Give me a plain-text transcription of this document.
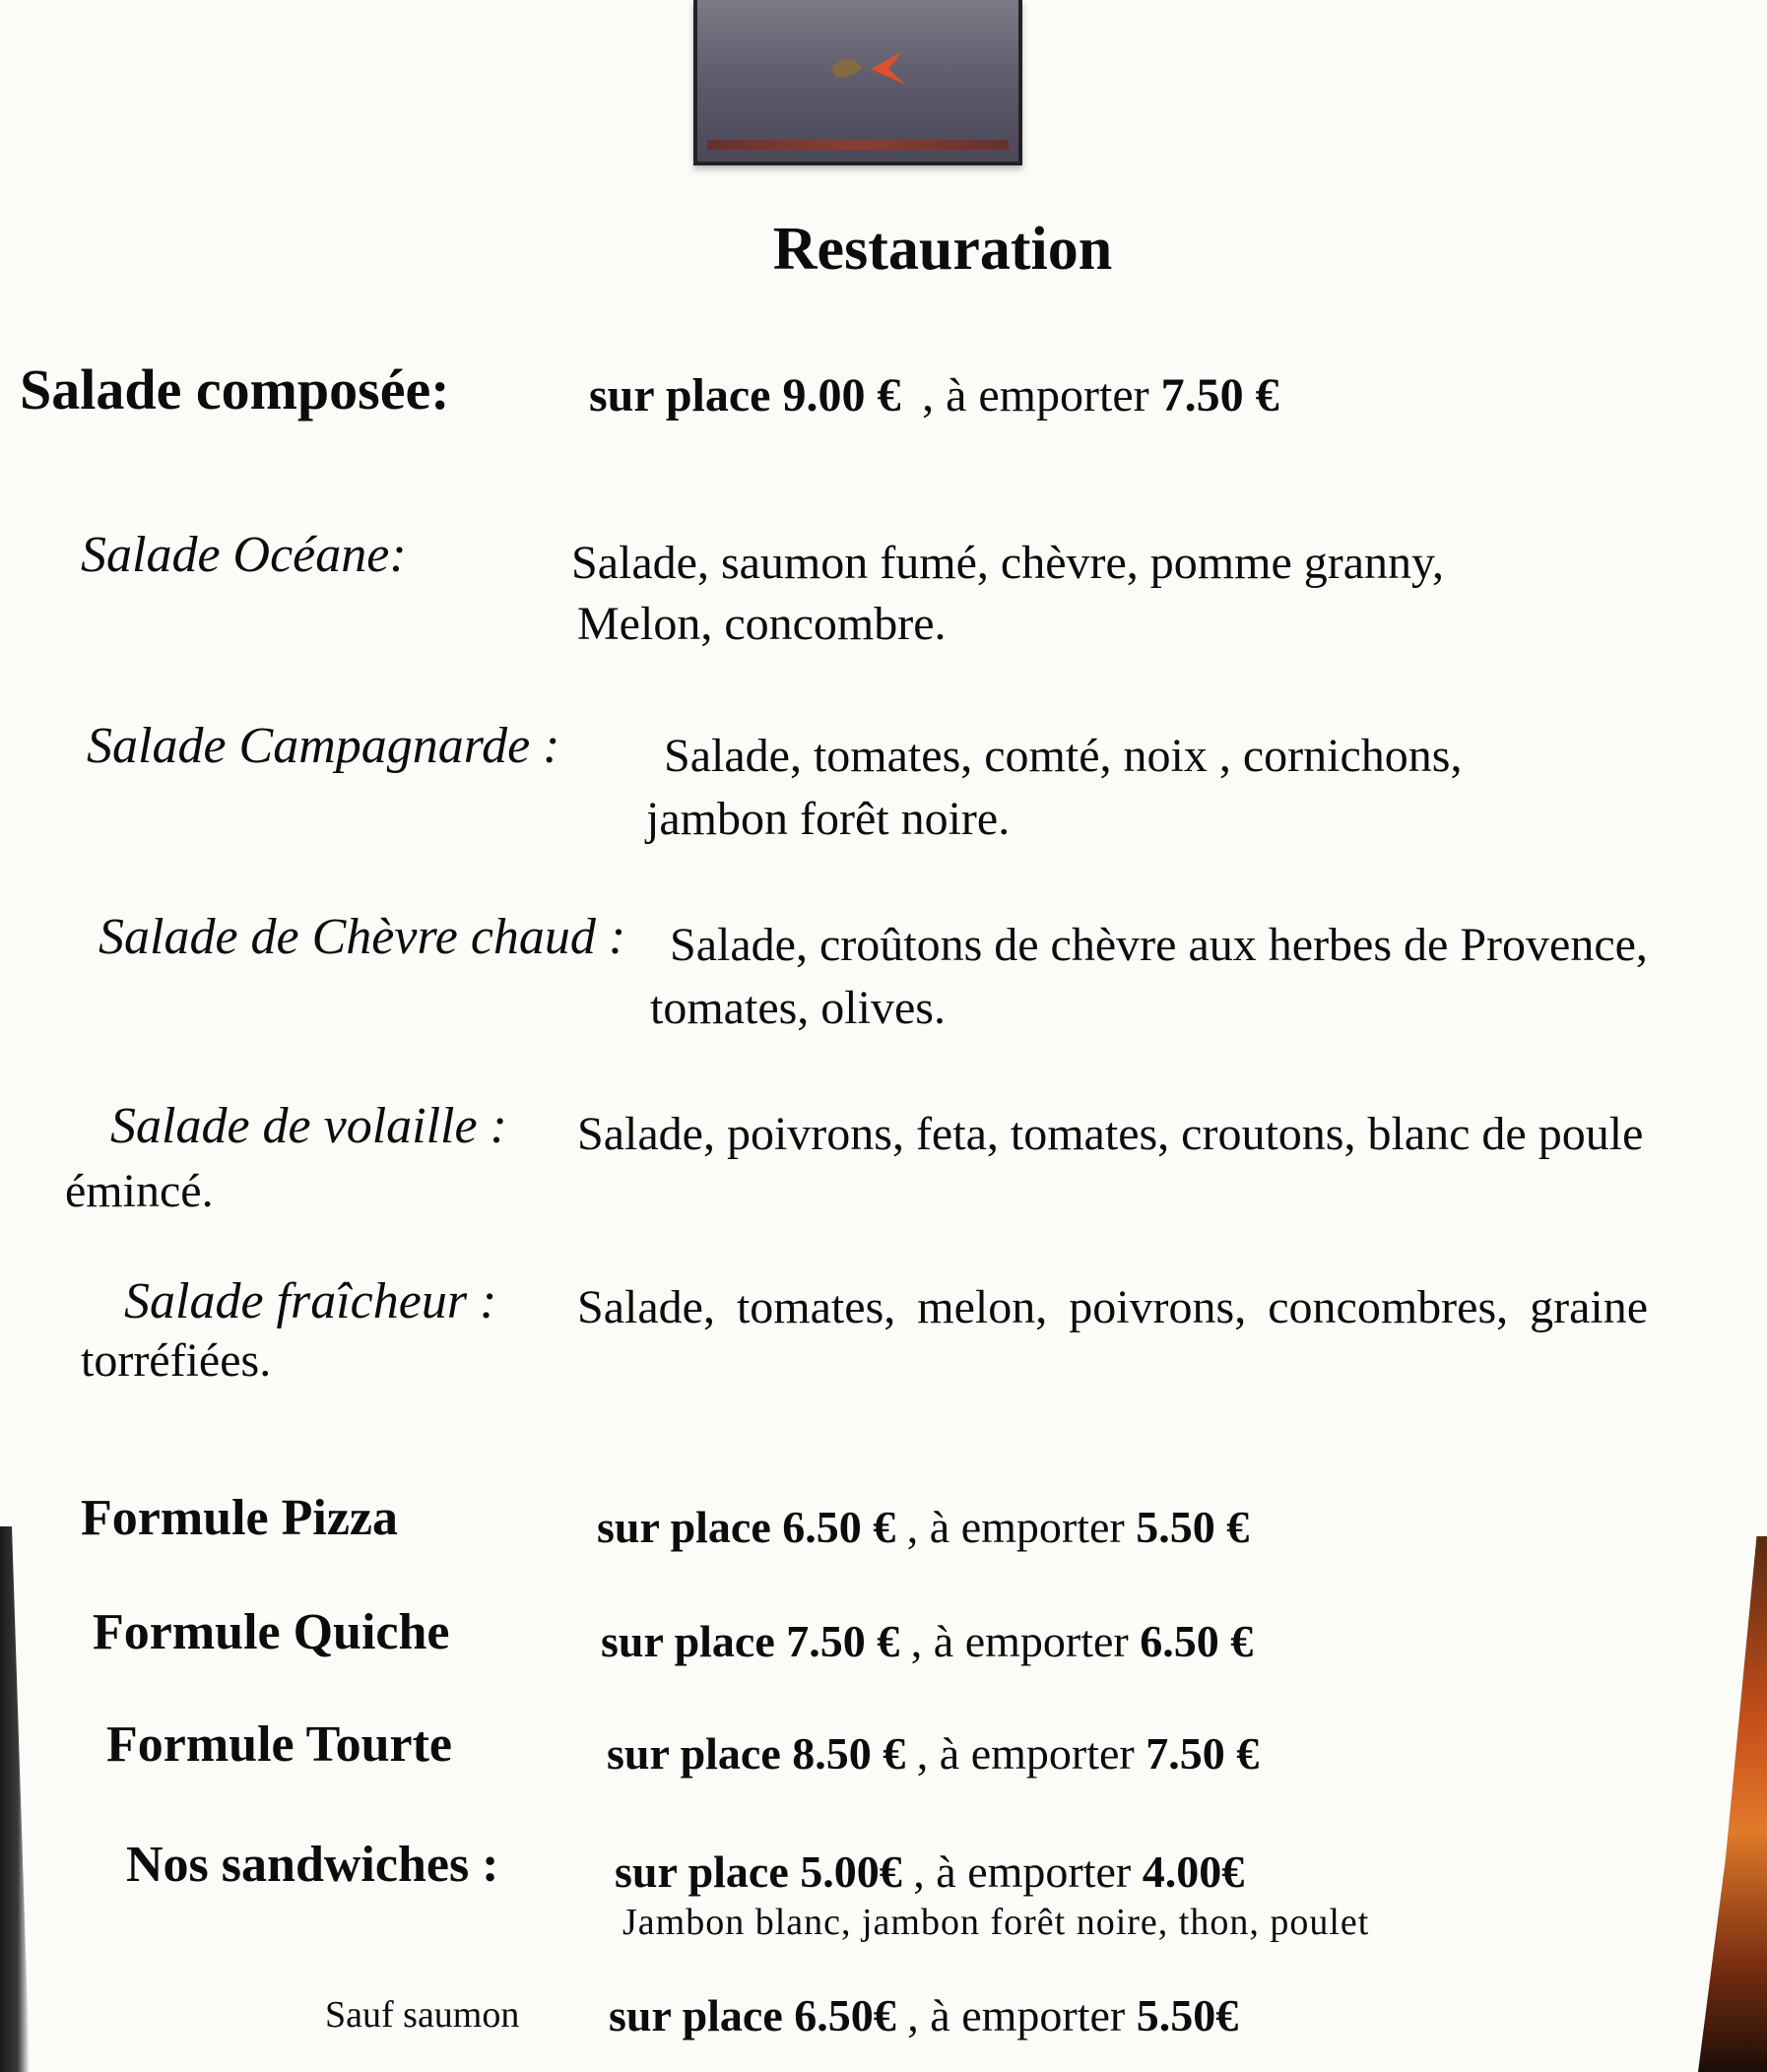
Restauration
Salade composée:	sur place 9.00 €   , à emporter 7.50 €
Salade Océane:	Salade, saumon fumé, chèvre, pomme granny,
Melon, concombre.
Salade Campagnarde : Salade, tomates, comté, noix , cornichons,
jambon forêt noire.
Salade de Chèvre chaud : Salade, croûtons de chèvre aux herbes de Provence,
tomates, olives.
Salade de volaille : Salade, poivrons, feta, tomates, croutons, blanc de poule
émincé.
Salade fraîcheur : Salade, tomates, melon, poivrons, concombres, graine
torréfiées.
Formule Pizza	sur place 6.50 € , à emporter 5.50 €
Formule Quiche	sur place 7.50 € , à emporter 6.50 €
Formule Tourte	sur place 8.50 € , à emporter 7.50 €
Nos sandwiches :	sur place 5.00€ , à emporter 4.00€
Jambon blanc, jambon forêt noire, thon, poulet
Sauf saumon sur place 6.50€ , à emporter 5.50€
